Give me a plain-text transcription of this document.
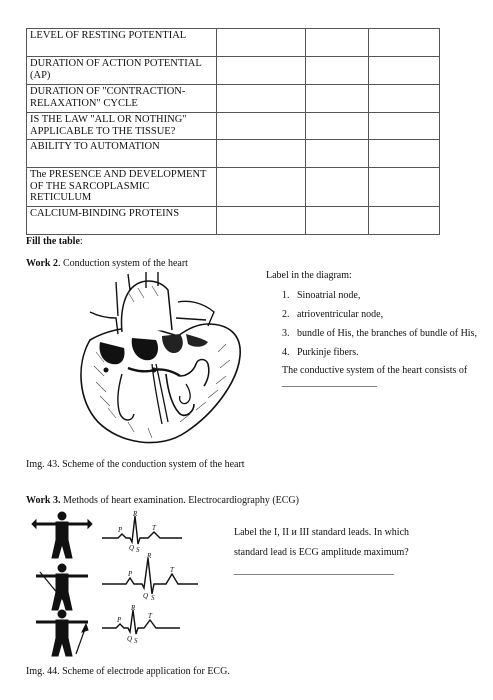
LEVEL OF RESTING POTENTIAL			
DURATION OF ACTION POTENTIAL (AP)			
DURATION OF "CONTRACTION-RELAXATION" CYCLE			
IS THE LAW "ALL OR NOTHING" APPLICABLE TO THE TISSUE?			
ABILITY TO AUTOMATION			
The PRESENCE AND DEVELOPMENT OF THE SARCOPLASMIC RETICULUM			
CALCIUM-BINDING PROTEINS			
Fill the table:
Work 2. Conduction system of the heart
Label in the diagram:
1. Sinoatrial node,
2. atrioventricular node,
3. bundle of His, the branches of bundle of His,
4. Purkinje fibers.
The conductive system of the heart consists of ___________________
Img. 43. Scheme of the conduction system of the heart
Work 3. Methods of heart examination. Electrocardiography (ECG)
R
P	T
Q S
R
P	T
Q S
R
P	T
Q S
Label the I, II и III standard leads. In which
standard lead is ECG amplitude maximum?
________________________________
Img. 44. Scheme of electrode application for ECG.
